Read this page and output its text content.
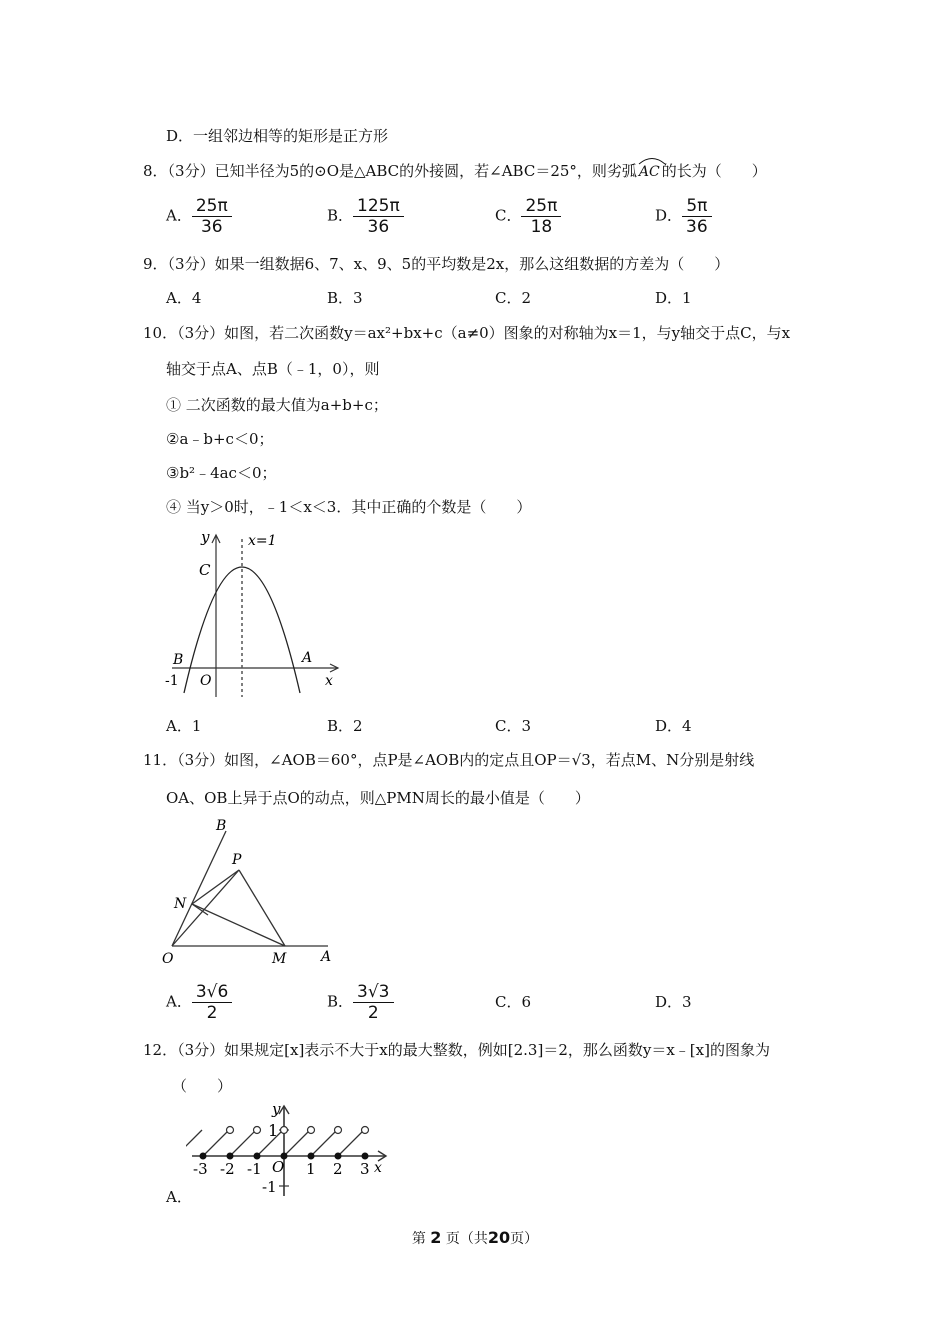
D．一组邻边相等的矩形是正方形
8．（3分）已知半径为5的⊙O是△ABC的外接圆，若∠ABC＝25°，则劣弧 AC 的长为（　　）
A． $\frac{25\pi}{36}$	B． $\frac{125\pi}{36}$	C． $\frac{25\pi}{18}$	D． $\frac{5\pi}{36}$
9．（3分）如果一组数据6、7、x、9、5的平均数是2x，那么这组数据的方差为（　　）
A．4	B．3	C．2	D．1
10．（3分）如图，若二次函数y＝ax²+bx+c（a≠0）图象的对称轴为x＝1，与y轴交于点C，与x
轴交于点A、点B（﹣1，0），则
① 二次函数的最大值为a+b+c；
②a﹣b+c＜0；
③b²﹣4ac＜0；
④ 当y＞0时，﹣1＜x＜3．其中正确的个数是（　　）
y	x=1
C
B	A
-1 O	x
A．1	B．2	C．3	D．4
11．（3分）如图，∠AOB＝60°，点P是∠AOB内的定点且OP＝√3，若点M、N分别是射线
OA、OB上异于点O的动点，则△PMN周长的最小值是（　　）
B
P
N
O	M A
A． $\frac{3√6}{2}$	B． $\frac{3√3}{2}$	C．6	D．3
12．（3分）如果规定[x]表示不大于x的最大整数，例如[2.3]＝2，那么函数y＝x﹣[x]的图象为
（　　）
y
1
-3 -2 -1 O 1 2 3 x
-1
A．
第 2 页（共20页）
